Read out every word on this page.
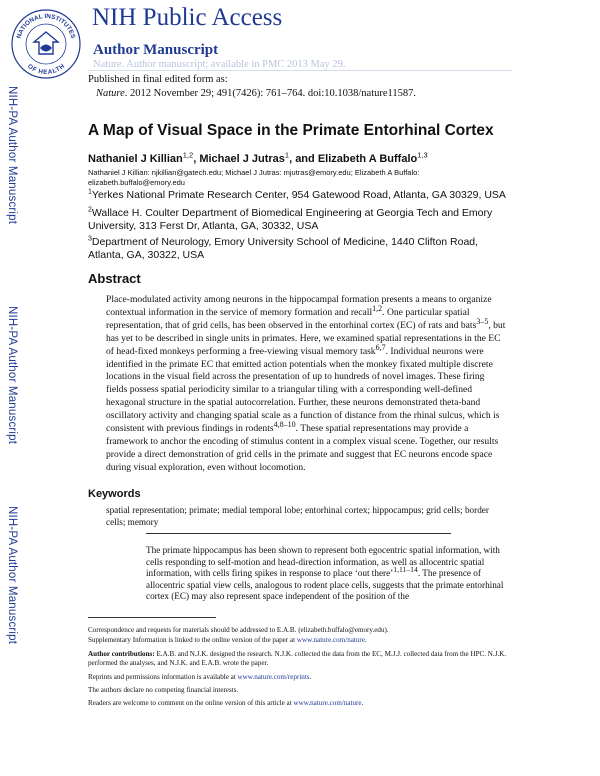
NATIONAL INSTITUTES
OF HEALTH
NIH Public Access
Author Manuscript
Nature. Author manuscript; available in PMC 2013 May 29.
Published in final edited form as:
Nature. 2012 November 29; 491(7426): 761–764. doi:10.1038/nature11587.
NIH-PA Author Manuscript
NIH-PA Author Manuscript
NIH-PA Author Manuscript
A Map of Visual Space in the Primate Entorhinal Cortex
Nathaniel J Killian$^{1,2}$, Michael J Jutras$^1$, and Elizabeth A Buffalo$^{1,3}$
Nathaniel J Killian: njkillian@gatech.edu; Michael J Jutras: mjutras@emory.edu; Elizabeth A Buffalo:
elizabeth.buffalo@emory.edu
$^1$Yerkes National Primate Research Center, 954 Gatewood Road, Atlanta, GA 30329, USA
$^2$Wallace H. Coulter Department of Biomedical Engineering at Georgia Tech and Emory University, 313 Ferst Dr, Atlanta, GA, 30332, USA
$^3$Department of Neurology, Emory University School of Medicine, 1440 Clifton Road, Atlanta, GA, 30322, USA
Abstract

Place-modulated activity among neurons in the hippocampal formation presents a means to organize contextual information in the service of memory formation and recall$^{1,2}$. One particular spatial representation, that of grid cells, has been observed in the entorhinal cortex (EC) of rats and bats$^{3-5}$, but has yet to be described in single units in primates. Here, we examined spatial representations in the EC of head-fixed monkeys performing a free-viewing visual memory task$^{6,7}$. Individual neurons were identified in the primate EC that emitted action potentials when the monkey fixated multiple discrete locations in the visual field across the presentation of up to hundreds of novel images. These firing fields possess spatial periodicity similar to a triangular tiling with a corresponding well-defined hexagonal structure in the spatial autocorrelation. Further, these neurons demonstrated theta-band oscillatory activity and changing spatial scale as a function of distance from the rhinal sulcus, which is consistent with previous findings in rodents$^{4,8-10}$. These spatial representations may provide a framework to anchor the encoding of stimulus content in a complex visual scene. Together, our results provide a direct demonstration of grid cells in the primate and suggest that EC neurons encode space during visual exploration, even without locomotion.

Keywords
spatial representation; primate; medial temporal lobe; entorhinal cortex; hippocampus; grid cells; border cells; memory
The primate hippocampus has been shown to represent both egocentric spatial information, with cells responding to self-motion and head-direction information, as well as allocentric spatial information, with cells firing spikes in response to place ‘out there’$^{1,11-14}$. The presence of allocentric spatial view cells, analogous to rodent place cells, suggests that the primate entorhinal cortex (EC) may also represent space independent of the position of the

Correspondence and requests for materials should be addressed to E.A.B. (elizabeth.buffalo@emory.edu).

Supplementary Information is linked to the online version of the paper at www.nature.com/nature.

Author contributions: E.A.B. and N.J.K. designed the research. N.J.K. collected the data from the EC, M.J.J. collected data from the HPC. N.J.K. performed the analyses, and N.J.K. and E.A.B. wrote the paper.

Reprints and permissions information is available at www.nature.com/reprints.

The authors declare no competing financial interests.

Readers are welcome to comment on the online version of this article at www.nature.com/nature.
